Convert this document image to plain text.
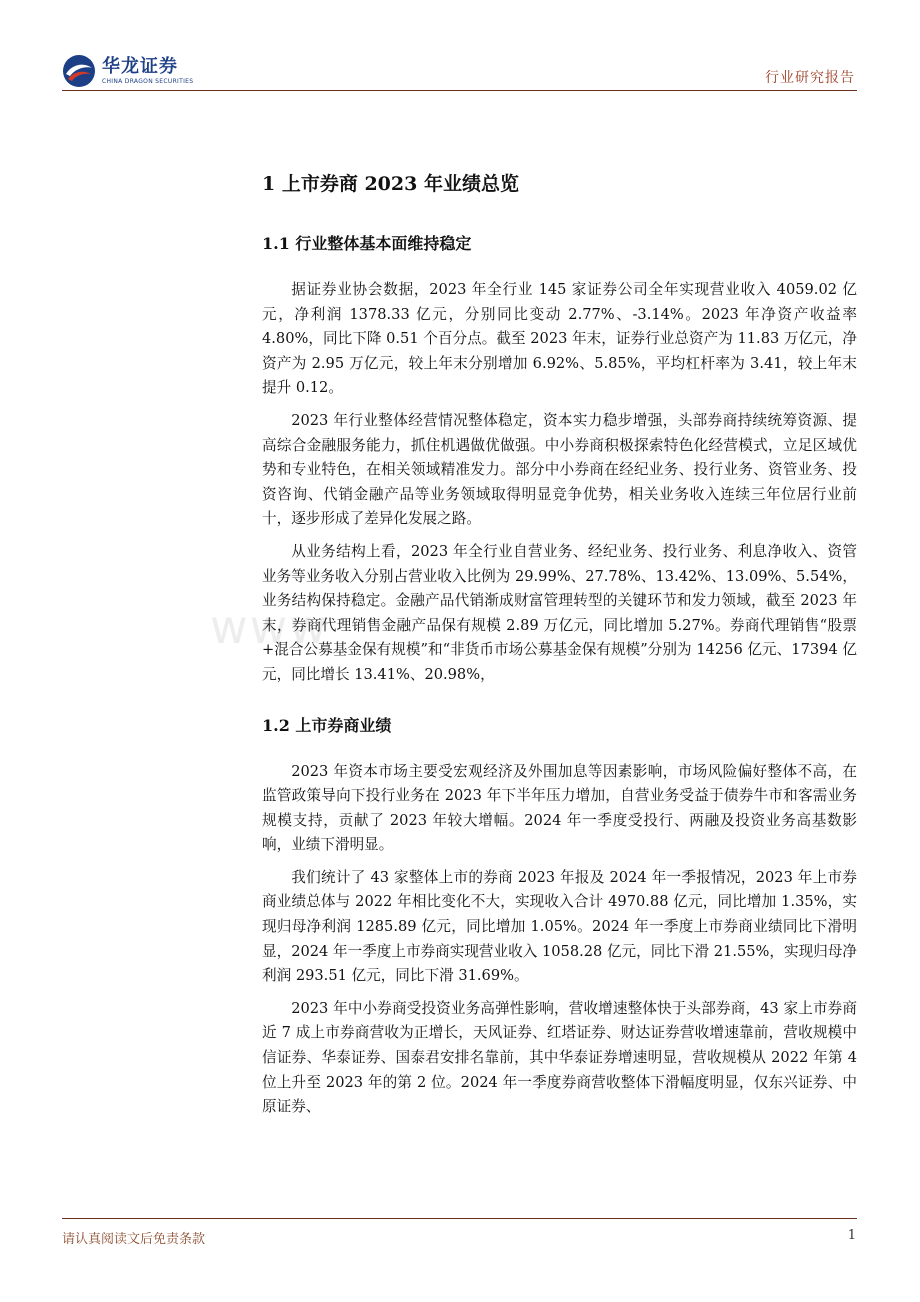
华龙证券
CHINA DRAGON SECURITIES	行业研究报告
www
1 上市券商 2023 年业绩总览
1.1 行业整体基本面维持稳定

据证券业协会数据，2023 年全行业 145 家证券公司全年实现营业收入 4059.02 亿元，净利润 1378.33 亿元，分别同比变动 2.77%、-3.14%。2023 年净资产收益率 4.80%，同比下降 0.51 个百分点。截至 2023 年末，证券行业总资产为 11.83 万亿元，净资产为 2.95 万亿元，较上年末分别增加 6.92%、5.85%，平均杠杆率为 3.41，较上年末提升 0.12。

2023 年行业整体经营情况整体稳定，资本实力稳步增强，头部券商持续统筹资源、提高综合金融服务能力，抓住机遇做优做强。中小券商积极探索特色化经营模式，立足区域优势和专业特色，在相关领域精准发力。部分中小券商在经纪业务、投行业务、资管业务、投资咨询、代销金融产品等业务领域取得明显竞争优势，相关业务收入连续三年位居行业前十，逐步形成了差异化发展之路。

从业务结构上看，2023 年全行业自营业务、经纪业务、投行业务、利息净收入、资管业务等业务收入分别占营业收入比例为 29.99%、27.78%、13.42%、13.09%、5.54%，业务结构保持稳定。金融产品代销渐成财富管理转型的关键环节和发力领域，截至 2023 年末，券商代理销售金融产品保有规模 2.89 万亿元，同比增加 5.27%。券商代理销售“股票+混合公募基金保有规模”和“非货币市场公募基金保有规模”分别为 14256 亿元、17394 亿元，同比增长 13.41%、20.98%，

1.2 上市券商业绩

2023 年资本市场主要受宏观经济及外围加息等因素影响，市场风险偏好整体不高，在监管政策导向下投行业务在 2023 年下半年压力增加，自营业务受益于债券牛市和客需业务规模支持，贡献了 2023 年较大增幅。2024 年一季度受投行、两融及投资业务高基数影响，业绩下滑明显。

我们统计了 43 家整体上市的券商 2023 年报及 2024 年一季报情况，2023 年上市券商业绩总体与 2022 年相比变化不大，实现收入合计 4970.88 亿元，同比增加 1.35%，实现归母净利润 1285.89 亿元，同比增加 1.05%。2024 年一季度上市券商业绩同比下滑明显，2024 年一季度上市券商实现营业收入 1058.28 亿元，同比下滑 21.55%，实现归母净利润 293.51 亿元，同比下滑 31.69%。

2023 年中小券商受投资业务高弹性影响，营收增速整体快于头部券商，43 家上市券商近 7 成上市券商营收为正增长，天风证券、红塔证券、财达证券营收增速靠前，营收规模中信证券、华泰证券、国泰君安排名靠前，其中华泰证券增速明显，营收规模从 2022 年第 4 位上升至 2023 年的第 2 位。2024 年一季度券商营收整体下滑幅度明显，仅东兴证券、中原证券、

请认真阅读文后免责条款	1
